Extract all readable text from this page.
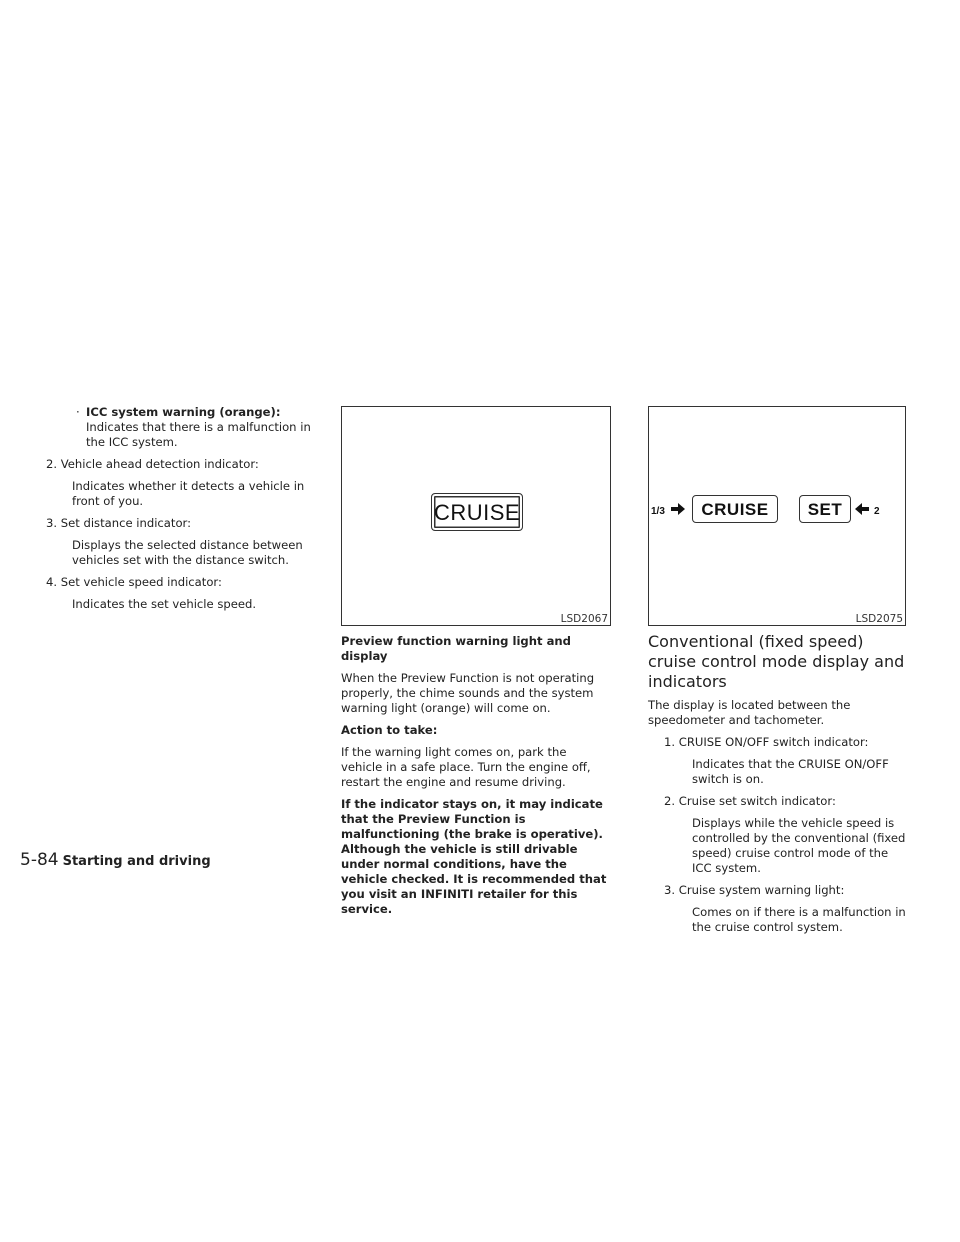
· ICC system warning (orange):
Indicates that there is a malfunction in the ICC system.

2. Vehicle ahead detection indicator:

Indicates whether it detects a vehicle in front of you.

3. Set distance indicator:

Displays the selected distance between vehicles set with the distance switch.

4. Set vehicle speed indicator:

Indicates the set vehicle speed.

CRUISE
LSD2067

Preview function warning light and display

When the Preview Function is not operating properly, the chime sounds and the system warning light (orange) will come on.

Action to take:

If the warning light comes on, park the vehicle in a safe place. Turn the engine off, restart the engine and resume driving.

If the indicator stays on, it may indicate that the Preview Function is malfunctioning (the brake is operative). Although the vehicle is still drivable under normal conditions, have the vehicle checked. It is recommended that you visit an INFINITI retailer for this service.

1/3	CRUISE	SET	2
LSD2075
Conventional (fixed speed) cruise control mode display and indicators

The display is located between the speedometer and tachometer.

1. CRUISE ON/OFF switch indicator:

Indicates that the CRUISE ON/OFF switch is on.

2. Cruise set switch indicator:

Displays while the vehicle speed is controlled by the conventional (fixed speed) cruise control mode of the ICC system.

3. Cruise system warning light:

Comes on if there is a malfunction in the cruise control system.

5-84 Starting and driving
